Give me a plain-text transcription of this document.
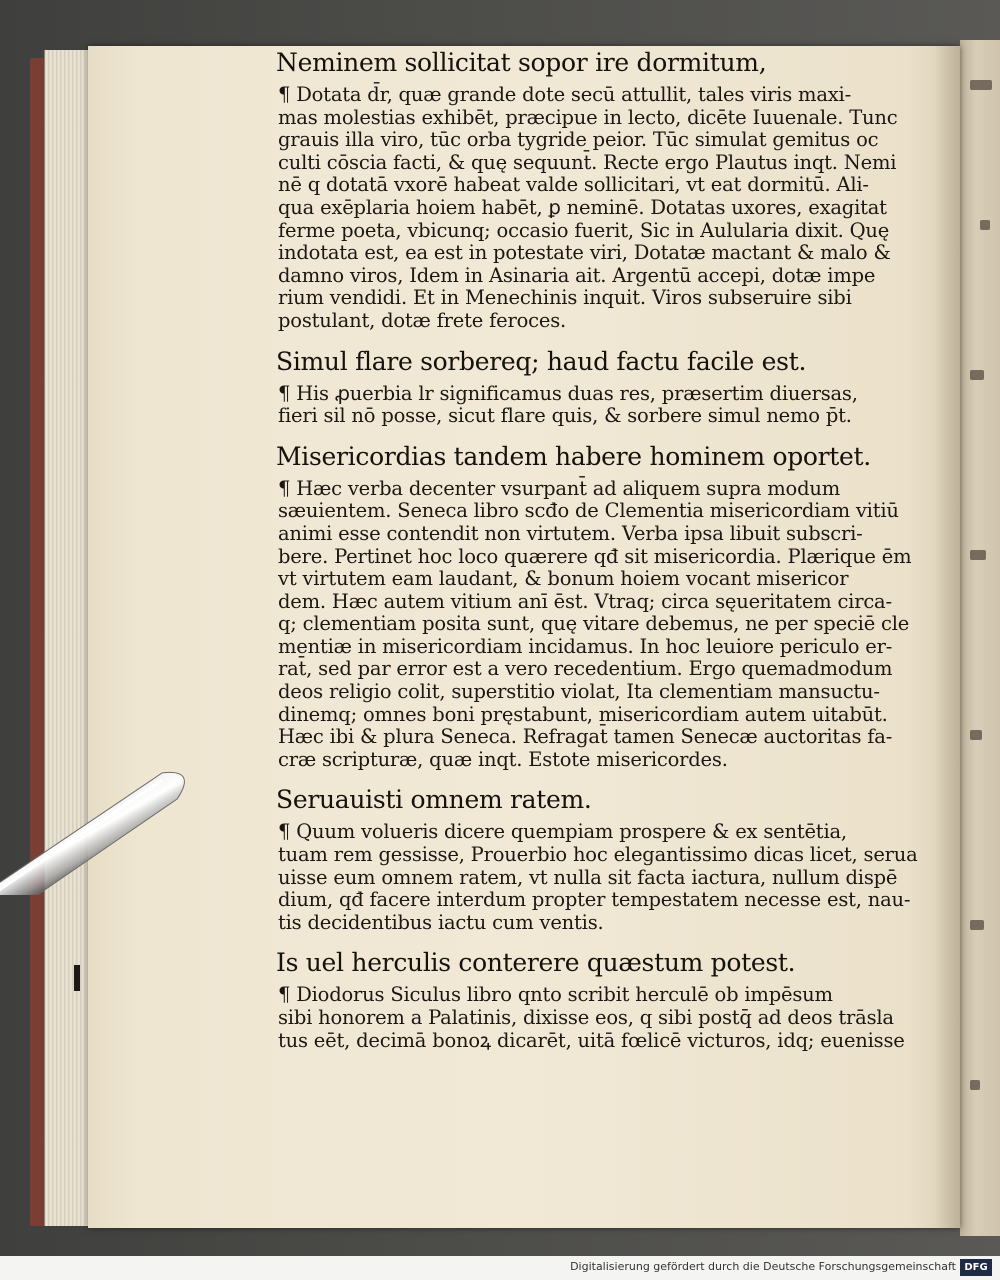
Neminem sollicitat sopor ire dormitum,
¶ Dotata d̄r, quæ grande dote secū attullit, tales viris maxi-
mas molestias exhibēt, præcipue in lecto, dicēte Iuuenale. Tunc
grauis illa viro, tūc orba tygride peior. Tūc simulat gemitus oc
culti cōscia facti, & quę sequunt̄. Recte ergo Plautus inqt. Nemi
nē q dotatā vxorē habeat valde sollicitari, vt eat dormitū. Ali-
qua exēplaria hoiem habēt, ꝑ neminē. Dotatas uxores, exagitat
ferme poeta, vbicunq; occasio fuerit, Sic in Aulularia dixit. Quę
indotata est, ea est in potestate viri, Dotatæ mactant & malo &
damno viros, Idem in Asinaria ait. Argentū accepi, dotæ impe
rium vendidi. Et in Menechinis inquit. Viros subseruire sibi
postulant, dotæ frete feroces.
Simul flare sorbereq; haud factu facile est.
¶ His ꝓuerbia lr significamus duas res, præsertim diuersas,
fieri sil nō posse, sicut flare quis, & sorbere simul nemo p̄t.
Misericordias tandem habere hominem oportet.
¶ Hæc verba decenter vsurpant̄ ad aliquem supra modum
sæuientem. Seneca libro scđo de Clementia misericordiam vitiū
animi esse contendit non virtutem. Verba ipsa libuit subscri-
bere. Pertinet hoc loco quærere qđ sit misericordia. Plærique ēm
vt virtutem eam laudant, & bonum hoiem vocant misericor
dem. Hæc autem vitium anī ēst. Vtraq; circa sęueritatem circa-
q; clementiam posita sunt, quę vitare debemus, ne per speciē cle
mentiæ in misericordiam incidamus. In hoc leuiore periculo er-
rat̄, sed par error est a vero recedentium. Ergo quemadmodum
deos religio colit, superstitio violat, Ita clementiam mansuctu-
dinemq; omnes boni pręstabunt, misericordiam autem uitabūt.
Hæc ibi & plura Seneca. Refragat̄ tamen Senecæ auctoritas fa-
cræ scripturæ, quæ inqt. Estote misericordes.
Seruauisti omnem ratem.
¶ Quum volueris dicere quempiam prospere & ex sentētia,
tuam rem gessisse, Prouerbio hoc elegantissimo dicas licet, serua
uisse eum omnem ratem, vt nulla sit facta iactura, nullum dispē
dium, qđ facere interdum propter tempestatem necesse est, nau-
tis decidentibus iactu cum ventis.
Is uel herculis conterere quæstum potest.
¶ Diodorus Siculus libro qnto scribit herculē ob impēsum
sibi honorem a Palatinis, dixisse eos, q sibi postq̄ ad deos trāsla
tus eēt, decimā bonoꝝ dicarēt, uitā fœlicē victuros, idq; euenisse
Digitalisierung gefördert durch die Deutsche Forschungsgemeinschaft DFG
